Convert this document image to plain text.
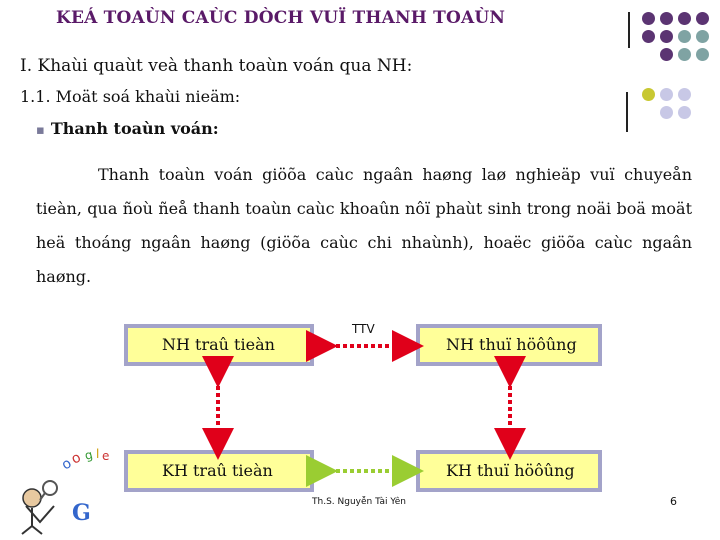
KEÁ TOAÙN CAÙC DÒCH VUÏ THANH TOAÙN
I. Khaùi quaùt veà thanh toaùn voán qua NH:
1.1. Moät soá khaùi nieäm:
▪ Thanh toaùn voán:
Thanh toaùn voán giöõa caùc ngaân haøng laø nghieäp vuï chuyeån tieàn, qua ñoù ñeå thanh toaùn caùc khoaûn nôï phaùt sinh trong noäi boä moät heä thoáng ngaân haøng (giöõa caùc chi nhaùnh), hoaëc giöõa caùc ngaân haøng.
NH traû tieàn	NH thuï höôûng
KH traû tieàn	KH thuï höôûng
TTV
o
o g l e
G	Th.S. Nguyễn Tài Yên	6
